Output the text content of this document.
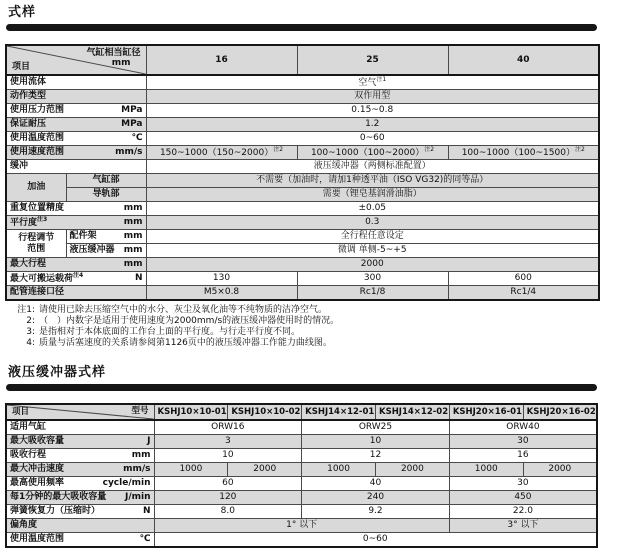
式样
气缸相当缸径
mm
项目		16	25	40

使用流体		空气$^{注1}$

动作类型		双作用型		

使用压力范围 MPa		0.15~0.8		

保证耐压 MPa		1.2		

使用温度范围 ℃		0~60		

使用速度范围 mm/s		150~1000（150~2000）$^{注2}$	100~1000（100~2000）$^{注2}$	100~1000（100~1500）$^{注2}$

缓冲		液压缓冲器（两侧标准配置）		
加油	气缸部	不需要（加油时，请加1种透平油（ISO VG32)的同等品）		
	导轨部	需要（锂皂基润滑油脂）		

重复位置精度 mm		±0.05		

平行度$^{注3}$ mm		0.3		

行程调节
范围

配件架	mm	全行程任意设定

	液压缓冲器 mm	微调 单侧-5~+5		

最大行程 mm		2000		

最大可搬运载荷$^{注4}$ N		130	300	600

配管连接口径		M5×0.8	Rc1/8	Rc1/4
注1: 请使用已除去压缩空气中的水分、灰尘及氧化油等不纯物质的洁净空气。
2: （　）内数字是适用于使用速度为2000mm/s的液压缓冲器使用时的情况。
3: 是指相对于本体底面的工作台上面的平行度。与行走平行度不同。
4: 质量与活塞速度的关系请参阅第1126页中的液压缓冲器工作能力曲线图。
液压缓冲器式样
型号
项目	KSHJ10×10-01	KSHJ10×10-02	KSHJ14×12-01	KSHJ14×12-02	KSHJ20×16-01	KSHJ20×16-02

适用气缸	ORW16		ORW25		ORW40	

最大吸收容量 J	3		10		30	

吸收行程 mm	10		12		16	

最大冲击速度 mm/s	1000	2000	1000	2000	1000	2000

最高使用频率 cycle/min	60		40		30	

每1分钟的最大吸收容量 J/min	120		240		450	

弹簧恢复力（压缩时） N	8.0		9.2		22.0	

偏角度	1° 以下				3° 以下	

使用温度范围 ℃	0~60					
